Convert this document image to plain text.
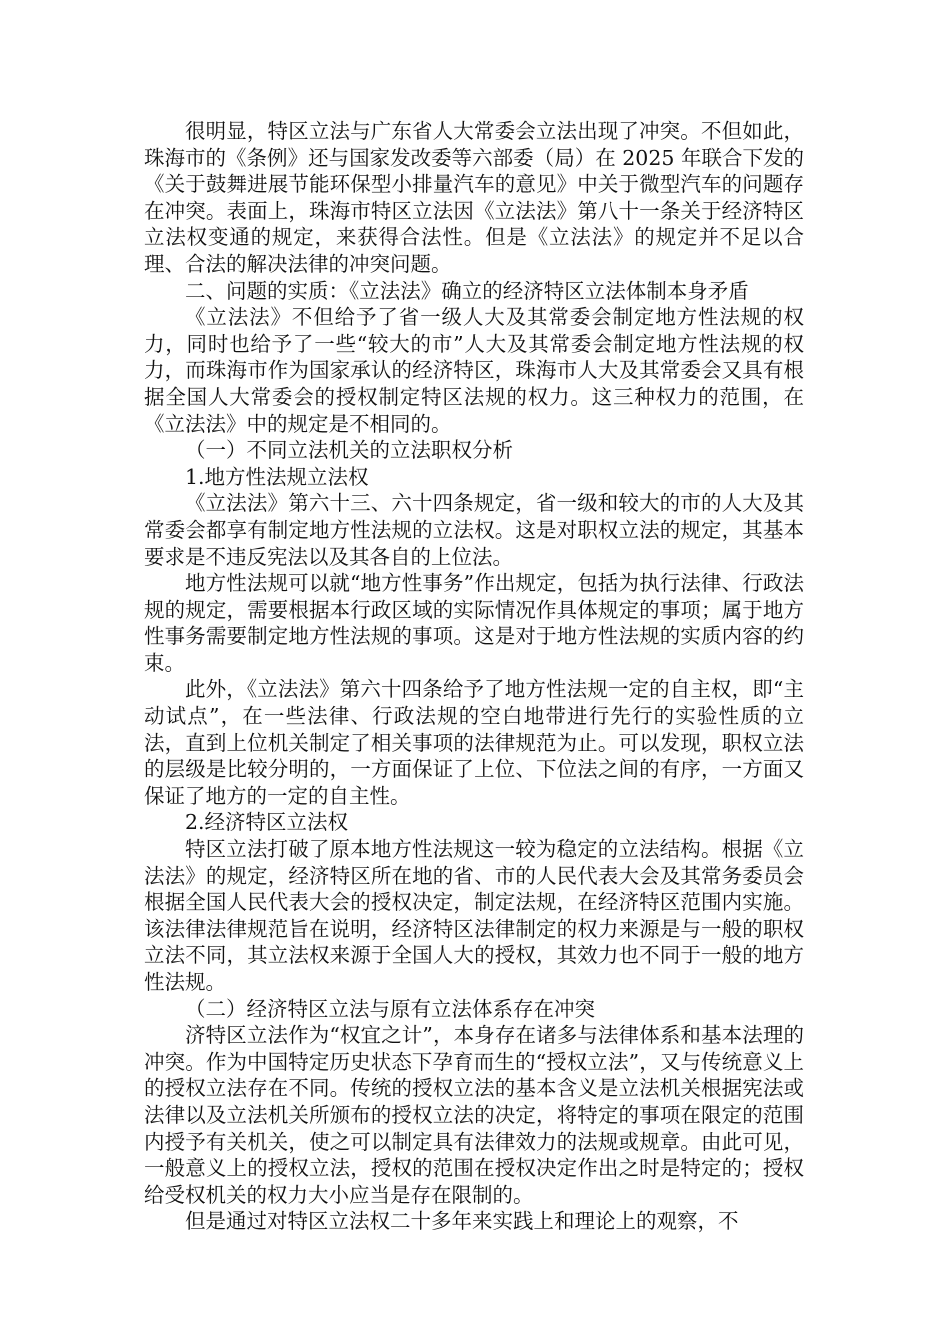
很明显，特区立法与广东省人大常委会立法出现了冲突。不但如此，珠海市的《条例》还与国家发改委等六部委（局）在 2025 年联合下发的《关于鼓舞进展节能环保型小排量汽车的意见》中关于微型汽车的问题存在冲突。表面上，珠海市特区立法因《立法法》第八十一条关于经济特区立法权变通的规定，来获得合法性。但是《立法法》的规定并不足以合理、合法的解决法律的冲突问题。

二、问题的实质：《立法法》确立的经济特区立法体制本身矛盾

《立法法》不但给予了省一级人大及其常委会制定地方性法规的权力，同时也给予了一些“较大的市”人大及其常委会制定地方性法规的权力，而珠海市作为国家承认的经济特区，珠海市人大及其常委会又具有根据全国人大常委会的授权制定特区法规的权力。这三种权力的范围，在《立法法》中的规定是不相同的。

（一）不同立法机关的立法职权分析

1.地方性法规立法权

《立法法》第六十三、六十四条规定，省一级和较大的市的人大及其常委会都享有制定地方性法规的立法权。这是对职权立法的规定，其基本要求是不违反宪法以及其各自的上位法。

地方性法规可以就“地方性事务”作出规定，包括为执行法律、行政法规的规定，需要根据本行政区域的实际情况作具体规定的事项；属于地方性事务需要制定地方性法规的事项。这是对于地方性法规的实质内容的约束。

此外，《立法法》第六十四条给予了地方性法规一定的自主权，即“主动试点”，在一些法律、行政法规的空白地带进行先行的实验性质的立法，直到上位机关制定了相关事项的法律规范为止。可以发现，职权立法的层级是比较分明的，一方面保证了上位、下位法之间的有序，一方面又保证了地方的一定的自主性。

2.经济特区立法权

特区立法打破了原本地方性法规这一较为稳定的立法结构。根据《立法法》的规定，经济特区所在地的省、市的人民代表大会及其常务委员会根据全国人民代表大会的授权决定，制定法规，在经济特区范围内实施。该法律法律规范旨在说明，经济特区法律制定的权力来源是与一般的职权立法不同，其立法权来源于全国人大的授权，其效力也不同于一般的地方性法规。

（二）经济特区立法与原有立法体系存在冲突

济特区立法作为“权宜之计”，本身存在诸多与法律体系和基本法理的冲突。作为中国特定历史状态下孕育而生的“授权立法”，又与传统意义上的授权立法存在不同。传统的授权立法的基本含义是立法机关根据宪法或法律以及立法机关所颁布的授权立法的决定，将特定的事项在限定的范围内授予有关机关，使之可以制定具有法律效力的法规或规章。由此可见，一般意义上的授权立法，授权的范围在授权决定作出之时是特定的；授权给受权机关的权力大小应当是存在限制的。

但是通过对特区立法权二十多年来实践上和理论上的观察，不
